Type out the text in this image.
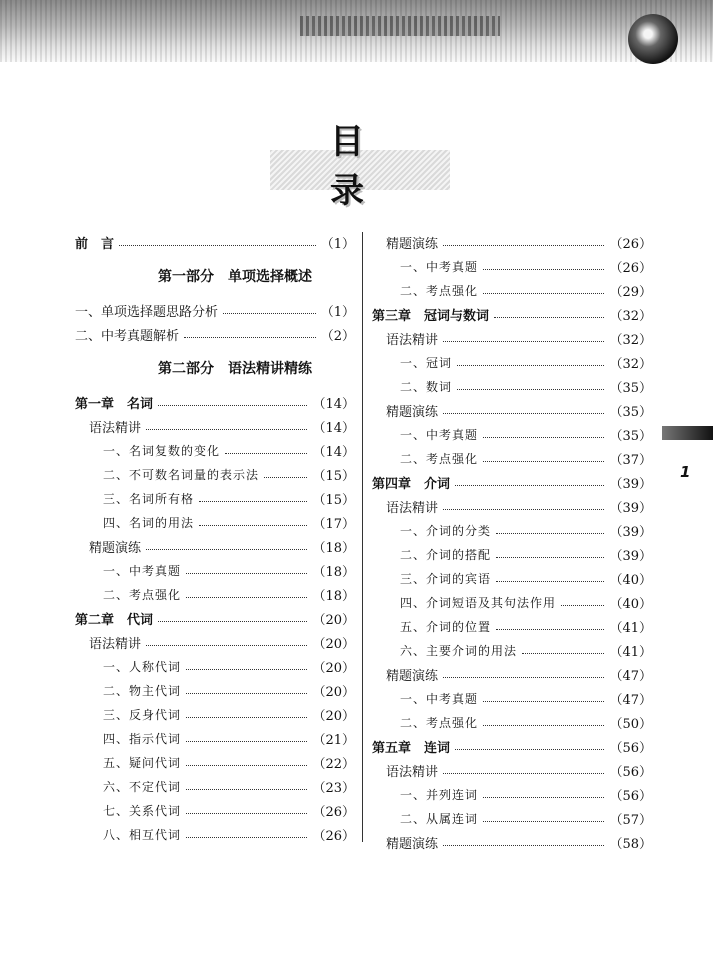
目 录
前　言	（1）
第一部分　单项选择概述
一、单项选择题思路分析	（1）
二、中考真题解析	（2）
第二部分　语法精讲精练
第一章　名词	（14）
语法精讲	（14）
一、名词复数的变化	（14）
二、不可数名词量的表示法	（15）
三、名词所有格	（15）
四、名词的用法	（17）
精题演练	（18）
一、中考真题	（18）
二、考点强化	（18）
第二章　代词	（20）
语法精讲	（20）
一、人称代词	（20）
二、物主代词	（20）
三、反身代词	（20）
四、指示代词	（21）
五、疑问代词	（22）
六、不定代词	（23）
七、关系代词	（26）
八、相互代词	（26）
精题演练	（26）
一、中考真题	（26）
二、考点强化	（29）
第三章　冠词与数词	（32）
语法精讲	（32）
一、冠词	（32）
二、数词	（35）
精题演练	（35）
一、中考真题	（35）
二、考点强化	（37）
第四章　介词	（39）
语法精讲	（39）
一、介词的分类	（39）
二、介词的搭配	（39）
三、介词的宾语	（40）
四、介词短语及其句法作用	（40）
五、介词的位置	（41）
六、主要介词的用法	（41）
精题演练	（47）
一、中考真题	（47）
二、考点强化	（50）
第五章　连词	（56）
语法精讲	（56）
一、并列连词	（56）
二、从属连词	（57）
精题演练	（58）
1
